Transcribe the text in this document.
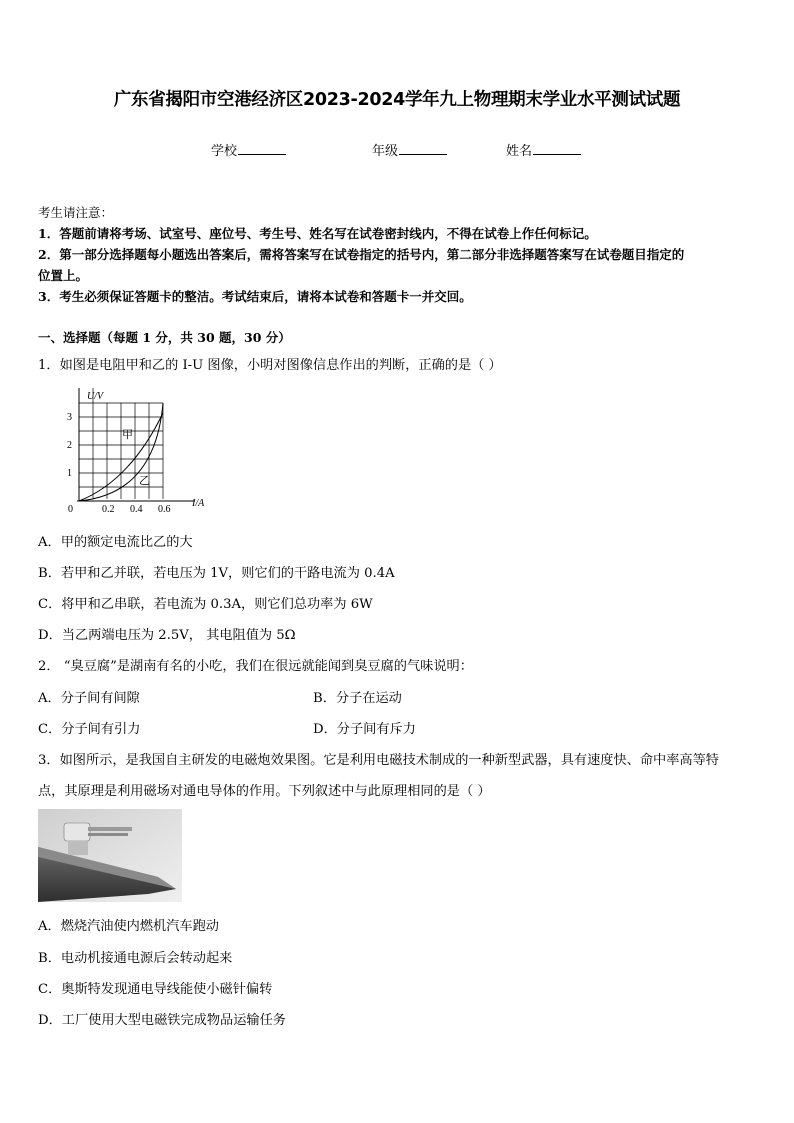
广东省揭阳市空港经济区2023-2024学年九上物理期末学业水平测试试题
学校	年级	姓名
考生请注意：
1．答题前请将考场、试室号、座位号、考生号、姓名写在试卷密封线内，不得在试卷上作任何标记。
2．第一部分选择题每小题选出答案后，需将答案写在试卷指定的括号内，第二部分非选择题答案写在试卷题目指定的
位置上。
3．考生必须保证答题卡的整洁。考试结束后，请将本试卷和答题卡一并交回。
一、选择题（每题 1 分，共 30 题，30 分）
1．如图是电阻甲和乙的 I-U 图像，小明对图像信息作出的判断，正确的是（ ）
U/V
I/A
3
2
1
0	0.2 0.4 0.6
甲
乙
A．甲的额定电流比乙的大
B．若甲和乙并联，若电压为 1V，则它们的干路电流为 0.4A
C．将甲和乙串联，若电流为 0.3A，则它们总功率为 6W
D．当乙两端电压为 2.5V， 其电阻值为 5Ω
2． “臭豆腐”是湖南有名的小吃，我们在很远就能闻到臭豆腐的气味说明：
A．分子间有间隙	B．分子在运动
C．分子间有引力	D．分子间有斥力
3．如图所示，是我国自主研发的电磁炮效果图。它是利用电磁技术制成的一种新型武器，具有速度快、命中率高等特
点，其原理是利用磁场对通电导体的作用。下列叙述中与此原理相同的是（ ）
A．燃烧汽油使内燃机汽车跑动
B．电动机接通电源后会转动起来
C．奥斯特发现通电导线能使小磁针偏转
D．工厂使用大型电磁铁完成物品运输任务
